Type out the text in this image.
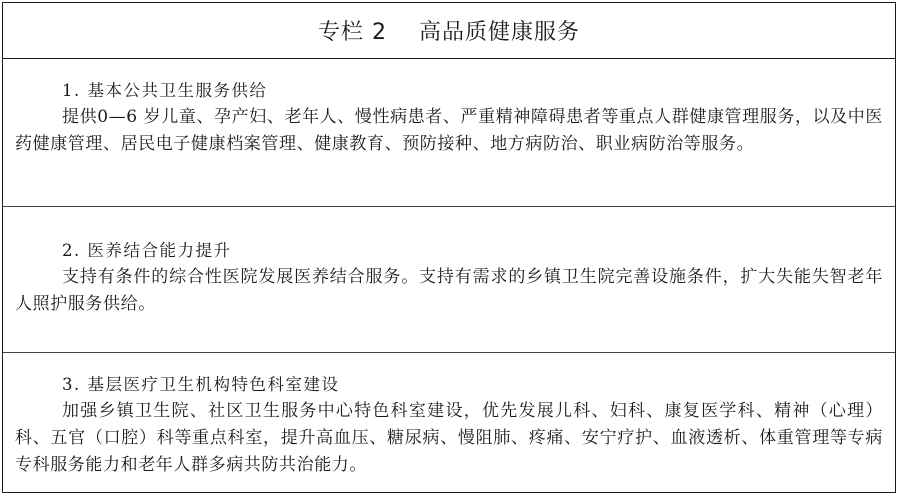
专栏 2    高品质健康服务

1. 基本公共卫生服务供给

提供0—6 岁儿童、孕产妇、老年人、慢性病患者、严重精神障碍患者等重点人群健康管理服务，以及中医药健康管理、居民电子健康档案管理、健康教育、预防接种、地方病防治、职业病防治等服务。

2. 医养结合能力提升

支持有条件的综合性医院发展医养结合服务。支持有需求的乡镇卫生院完善设施条件，扩大失能失智老年人照护服务供给。

3. 基层医疗卫生机构特色科室建设

加强乡镇卫生院、社区卫生服务中心特色科室建设，优先发展儿科、妇科、康复医学科、精神（心理）科、五官（口腔）科等重点科室，提升高血压、糖尿病、慢阻肺、疼痛、安宁疗护、血液透析、体重管理等专病专科服务能力和老年人群多病共防共治能力。
